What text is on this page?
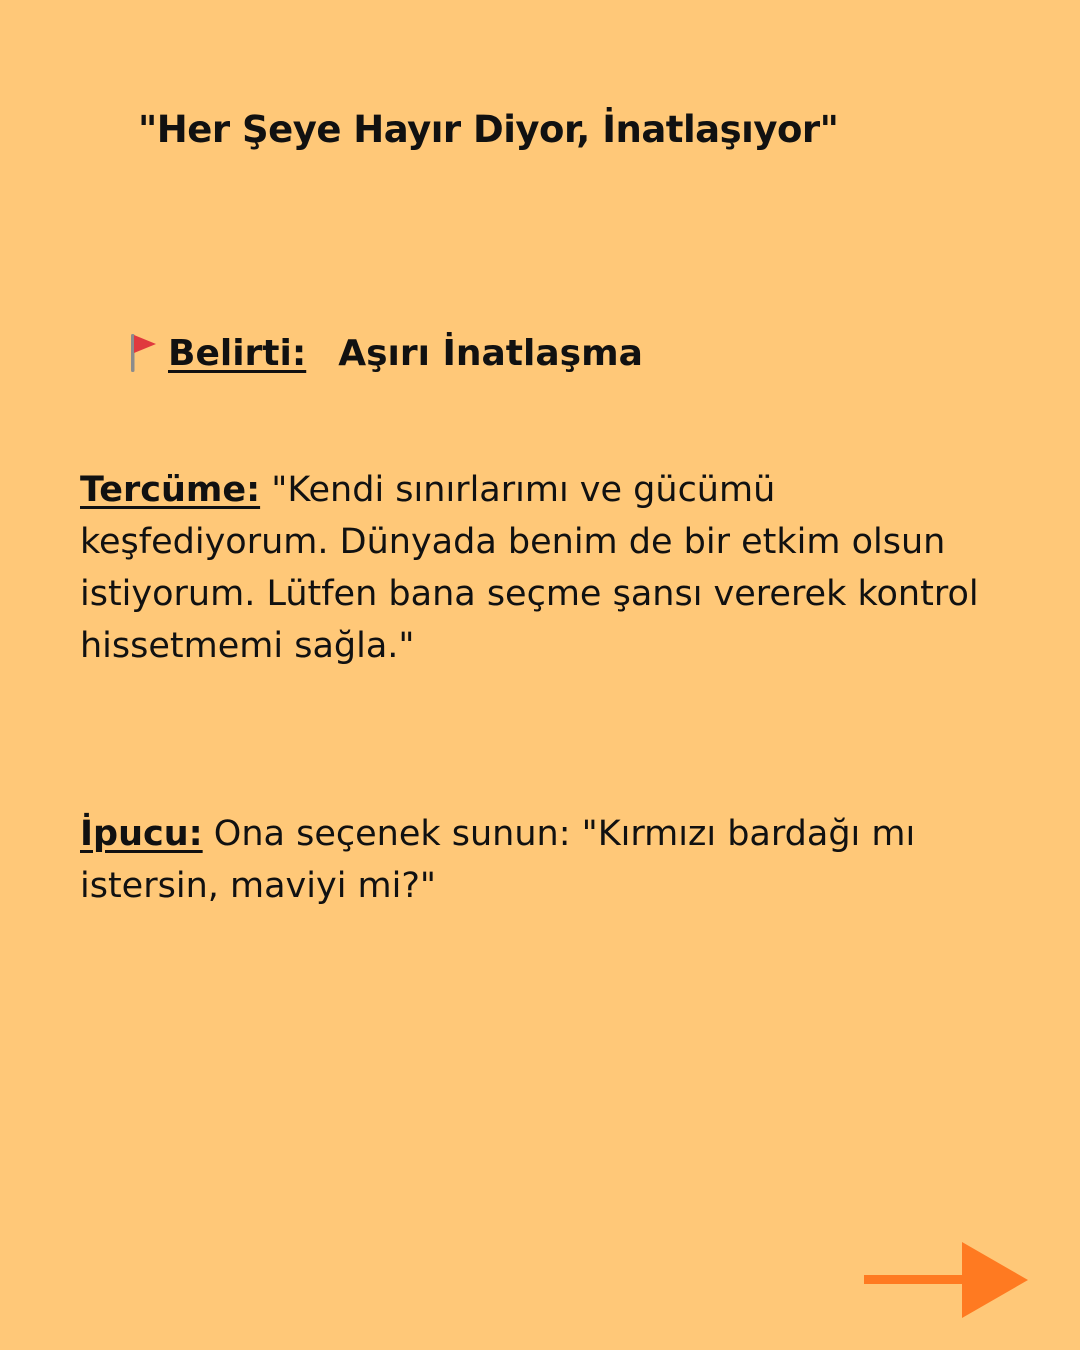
"Her Şeye Hayır Diyor, İnatlaşıyor"
Belirti: Aşırı İnatlaşma
Tercüme: "Kendi sınırlarımı ve gücümü keşfediyorum. Dünyada benim de bir etkim olsun istiyorum. Lütfen bana seçme şansı vererek kontrol hissetmemi sağla."
İpucu: Ona seçenek sunun: "Kırmızı bardağı mı istersin, maviyi mi?"
